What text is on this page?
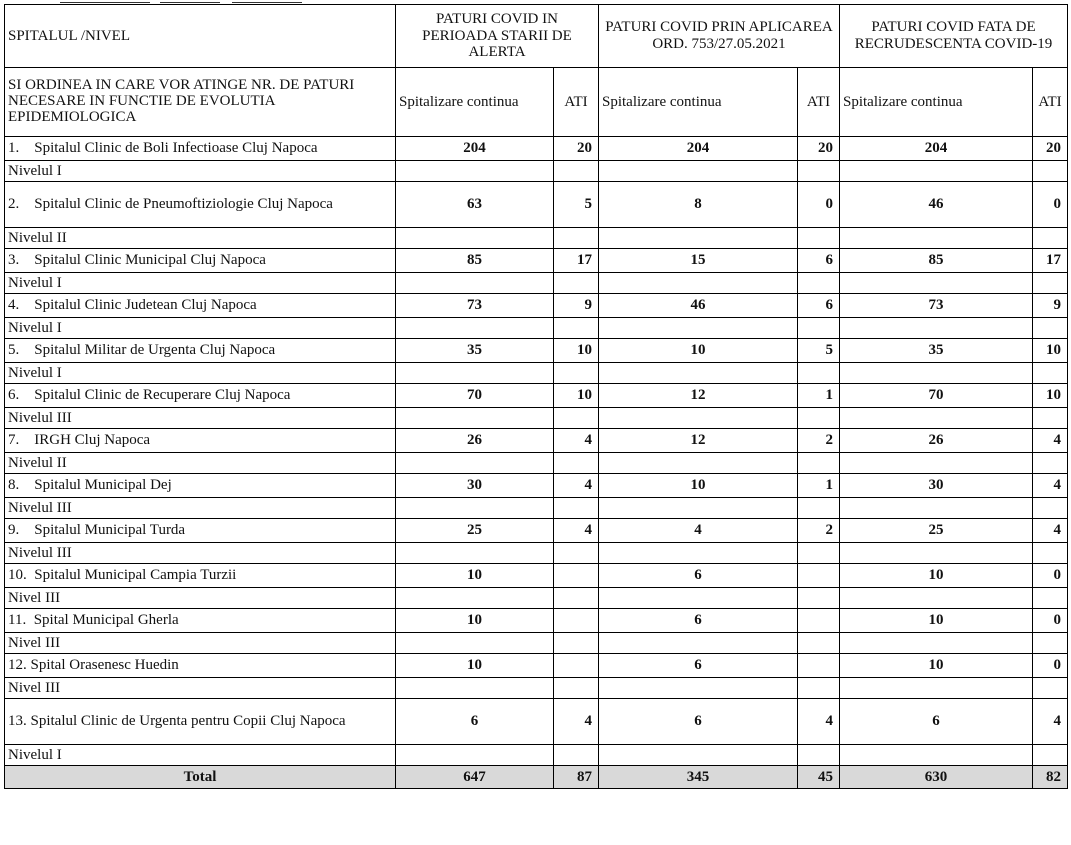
SPITALUL /NIVEL	PATURI COVID IN PERIOADA STARII DE ALERTA		PATURI COVID PRIN APLICAREA ORD. 753/27.05.2021		PATURI COVID FATA DE RECRUDESCENTA COVID-19	
SI ORDINEA IN CARE VOR ATINGE NR. DE PATURI NECESARE IN FUNCTIE DE EVOLUTIA EPIDEMIOLOGICA	Spitalizare continua	ATI	Spitalizare continua	ATI	Spitalizare continua	ATI
1.    Spitalul Clinic de Boli Infectioase Cluj Napoca	204	20	204	20	204	20
Nivelul I						
2.    Spitalul Clinic de Pneumoftiziologie Cluj Napoca	63	5	8	0	46	0
Nivelul II						
3.    Spitalul Clinic Municipal Cluj Napoca	85	17	15	6	85	17
Nivelul I						
4.    Spitalul Clinic Judetean Cluj Napoca	73	9	46	6	73	9
Nivelul I						
5.    Spitalul Militar de Urgenta Cluj Napoca	35	10	10	5	35	10
Nivelul I						
6.    Spitalul Clinic de Recuperare Cluj Napoca	70	10	12	1	70	10
Nivelul III						
7.    IRGH Cluj Napoca	26	4	12	2	26	4
Nivelul II						
8.    Spitalul Municipal Dej	30	4	10	1	30	4
Nivelul III						
9.    Spitalul Municipal Turda	25	4	4	2	25	4
Nivelul III						
10.  Spitalul Municipal Campia Turzii	10		6		10	0
Nivel III						
11.  Spital Municipal Gherla	10		6		10	0
Nivel III						
12. Spital Orasenesc Huedin	10		6		10	0
Nivel III						
13. Spitalul Clinic de Urgenta pentru Copii Cluj Napoca	6	4	6	4	6	4
Nivelul I						
Total	647	87	345	45	630	82
